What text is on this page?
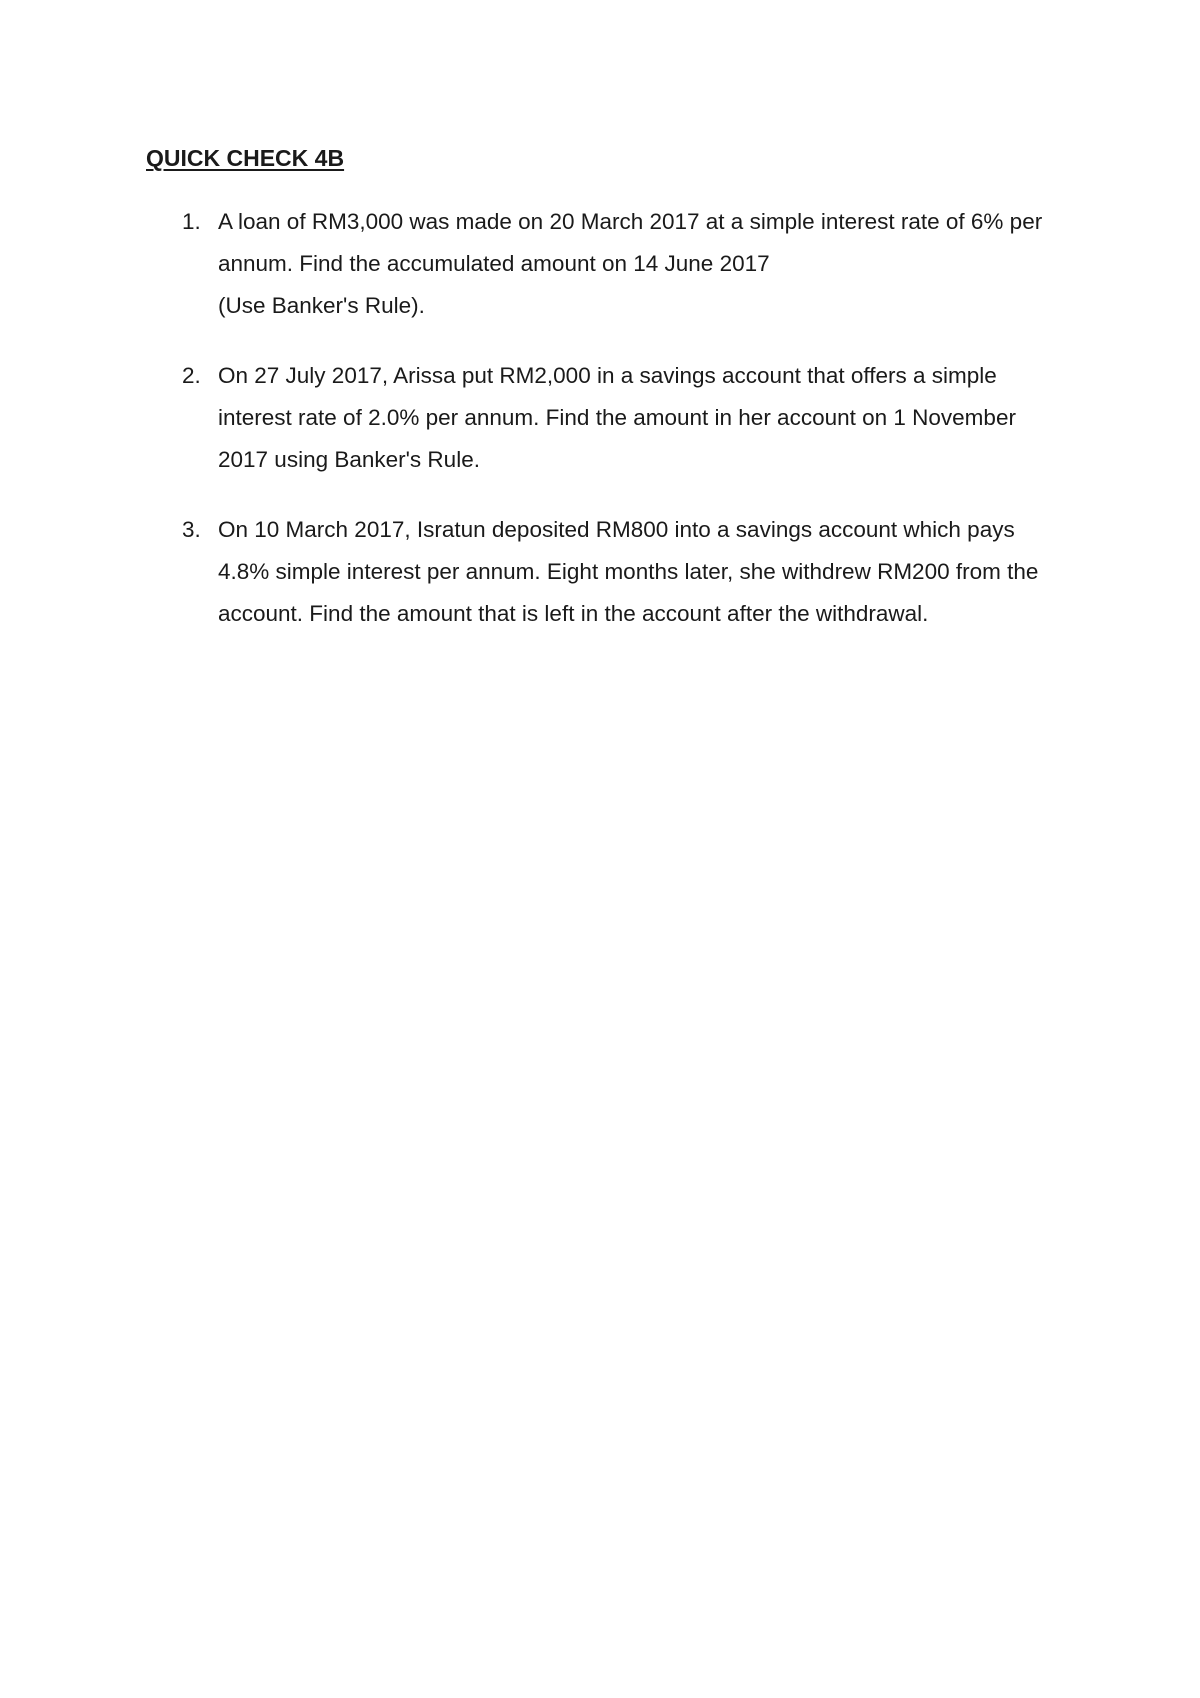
QUICK CHECK 4B
1. A loan of RM3,000 was made on 20 March 2017 at a simple interest rate of 6% per annum. Find the accumulated amount on 14 June 2017
(Use Banker's Rule).
2. On 27 July 2017, Arissa put RM2,000 in a savings account that offers a simple interest rate of 2.0% per annum. Find the amount in her account on 1 November 2017 using Banker's Rule.
3. On 10 March 2017, Isratun deposited RM800 into a savings account which pays 4.8% simple interest per annum. Eight months later, she withdrew RM200 from the account. Find the amount that is left in the account after the withdrawal.
